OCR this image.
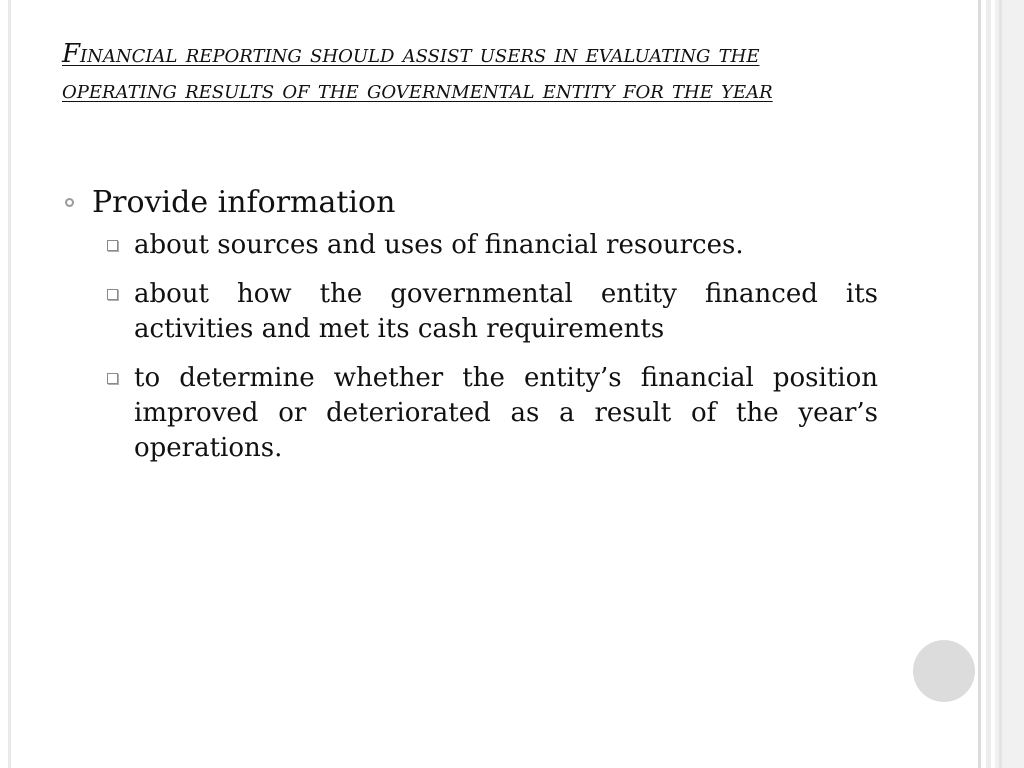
Financial reporting should assist users in evaluating the operating results of the governmental entity for the year
Provide information
about sources and uses of financial resources.
about how the governmental entity financed its activities and met its cash requirements
to determine whether the entity’s financial position improved or deteriorated as a result of the year’s operations.
